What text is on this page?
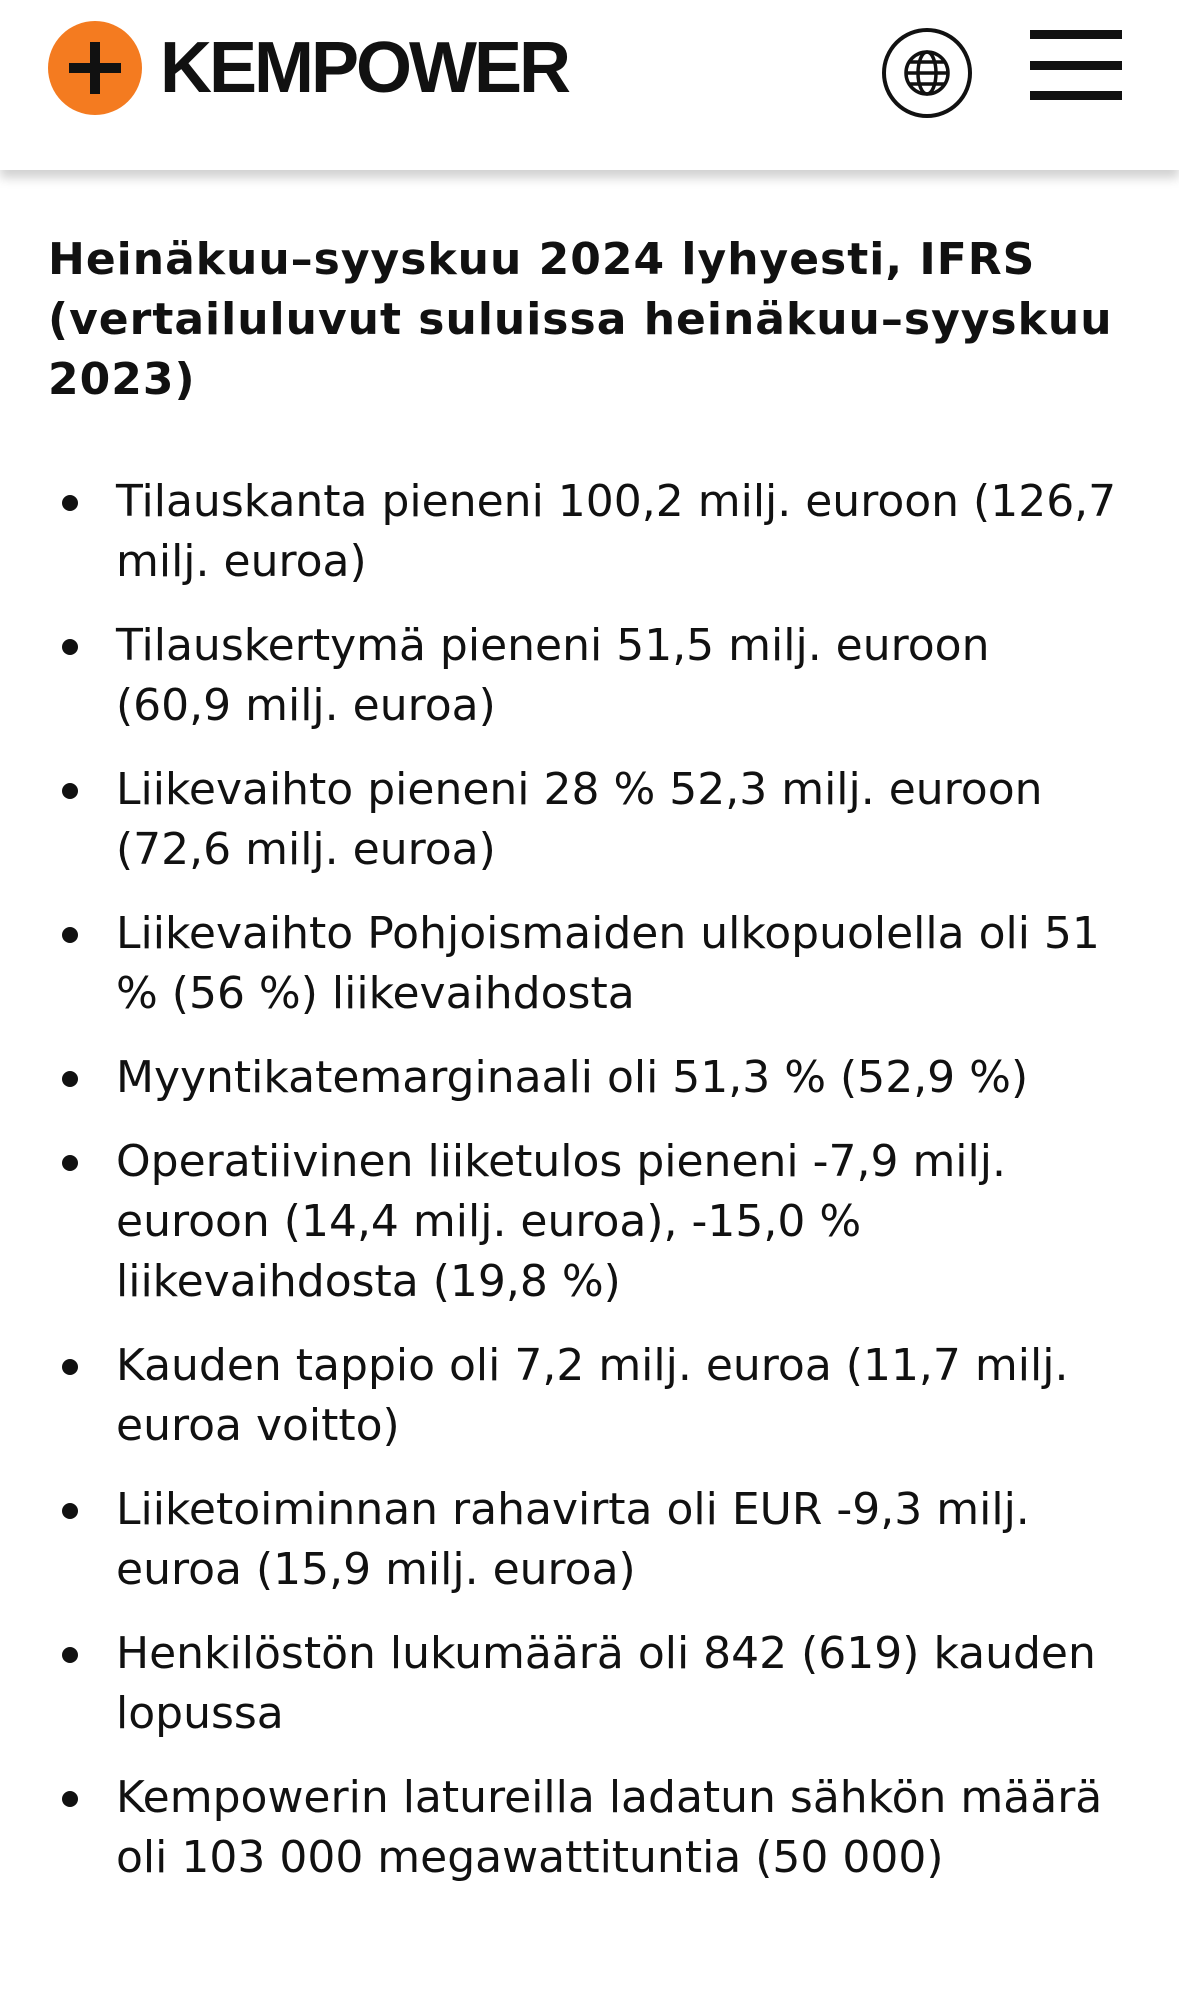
KEMPOWER
Heinäkuu–syyskuu 2024 lyhyesti, IFRS (vertailuluvut suluissa heinäkuu–syyskuu 2023)
Tilauskanta pieneni 100,2 milj. euroon (126,7 milj. euroa)
Tilauskertymä pieneni 51,5 milj. euroon (60,9 milj. euroa)
Liikevaihto pieneni 28 % 52,3 milj. euroon (72,6 milj. euroa)
Liikevaihto Pohjoismaiden ulkopuolella oli 51 % (56 %) liikevaihdosta
Myyntikatemarginaali oli 51,3 % (52,9 %)
Operatiivinen liiketulos pieneni -7,9 milj. euroon (14,4 milj. euroa), -15,0 % liikevaihdosta (19,8 %)
Kauden tappio oli 7,2 milj. euroa (11,7 milj. euroa voitto)
Liiketoiminnan rahavirta oli EUR -9,3 milj. euroa (15,9 milj. euroa)
Henkilöstön lukumäärä oli 842 (619) kauden lopussa
Kempowerin latureilla ladatun sähkön määrä oli 103 000 megawattituntia (50 000)
